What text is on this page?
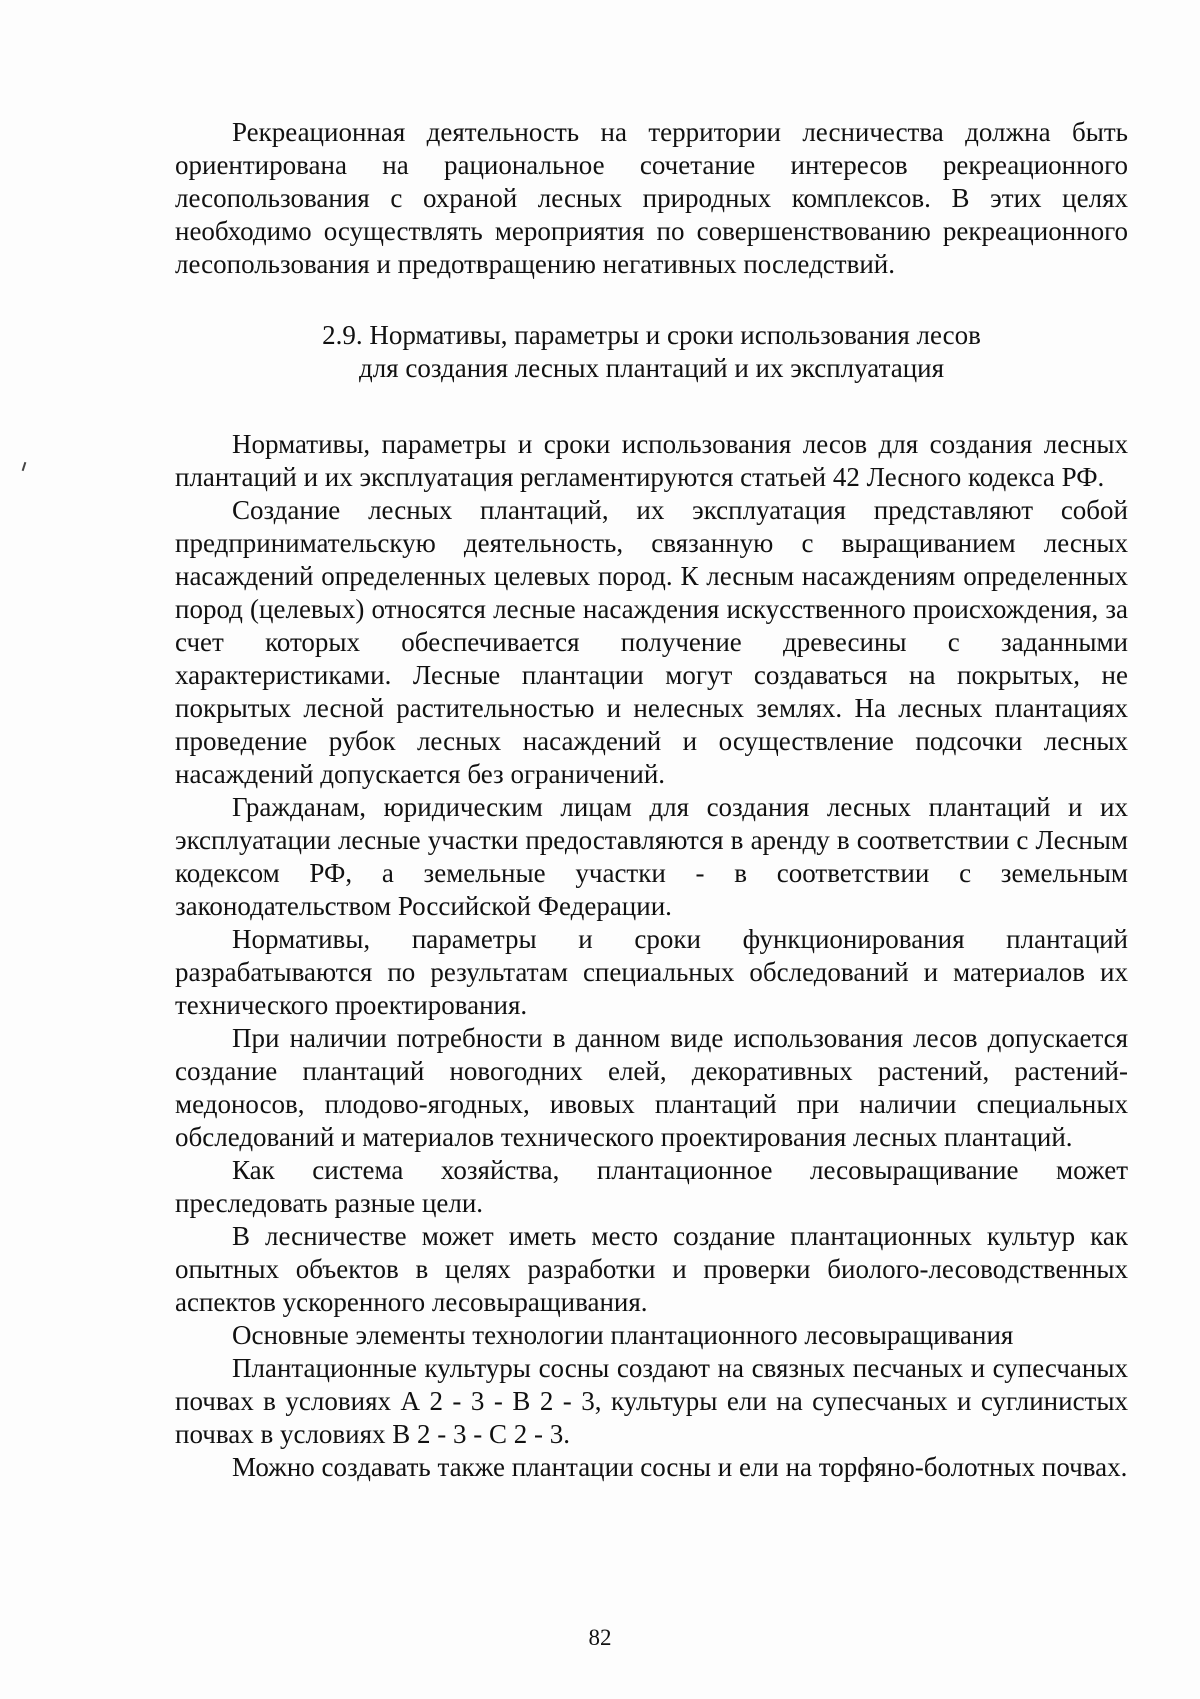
Рекреационная деятельность на территории лесничества должна быть ориентирована на рациональное сочетание интересов рекреационного лесопользования с охраной лесных природных комплексов. В этих целях необходимо осуществлять мероприятия по совершенствованию рекреационного лесопользования и предотвращению негативных последствий.

2.9. Нормативы, параметры и сроки использования лесов
для создания лесных плантаций и их эксплуатация

Нормативы, параметры и сроки использования лесов для создания лесных плантаций и их эксплуатация регламентируются статьей 42 Лесного кодекса РФ.

Создание лесных плантаций, их эксплуатация представляют собой предпринимательскую деятельность, связанную с выращиванием лесных насаждений определенных целевых пород. К лесным насаждениям определенных пород (целевых) относятся лесные насаждения искусственного происхождения, за счет которых обеспечивается получение древесины с заданными характеристиками. Лесные плантации могут создаваться на покрытых, не покрытых лесной растительностью и нелесных землях. На лесных плантациях проведение рубок лесных насаждений и осуществление подсочки лесных насаждений допускается без ограничений.

Гражданам, юридическим лицам для создания лесных плантаций и их эксплуатации лесные участки предоставляются в аренду в соответствии с Лесным кодексом РФ, а земельные участки - в соответствии с земельным законодательством Российской Федерации.

Нормативы, параметры и сроки функционирования плантаций разрабатываются по результатам специальных обследований и материалов их технического проектирования.

При наличии потребности в данном виде использования лесов допускается создание плантаций новогодних елей, декоративных растений, растений-медоносов, плодово-ягодных, ивовых плантаций при наличии специальных обследований и материалов технического проектирования лесных плантаций.

Как система хозяйства, плантационное лесовыращивание может преследовать разные цели.

В лесничестве может иметь место создание плантационных культур как опытных объектов в целях разработки и проверки биолого-лесоводственных аспектов ускоренного лесовыращивания.

Основные элементы технологии плантационного лесовыращивания

Плантационные культуры сосны создают на связных песчаных и супесчаных почвах в условиях А 2 - 3 - В 2 - 3, культуры ели на супесчаных и суглинистых почвах в условиях В 2 - 3 - С 2 - 3.

Можно создавать также плантации сосны и ели на торфяно-болотных почвах.

82
